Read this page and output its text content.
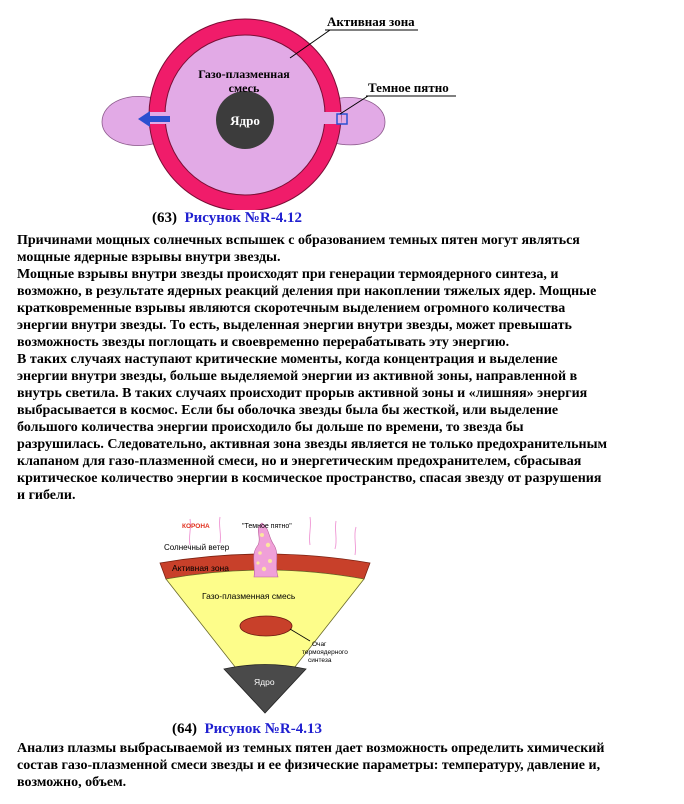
Ядро
Газо-плазменная
смесь
Активная зона
Темное пятно
(63) Рисунок №R-4.12

Причинами мощных солнечных вспышек с образованием темных пятен могут являться

мощные ядерные взрывы внутри звезды.

Мощные взрывы внутри звезды происходят при генерации термоядерного синтеза, и

возможно, в результате ядерных реакций деления при накоплении тяжелых ядер. Мощные

кратковременные взрывы являются скоротечным выделением огромного количества

энергии внутри звезды. То есть, выделенная энергии внутри звезды, может превышать

возможность звезды поглощать и своевременно перерабатывать эту энергию.

В таких случаях наступают критические моменты, когда концентрация и выделение

энергии внутри звезды, больше выделяемой энергии из активной зоны, направленной в

внутрь светила. В таких случаях происходит прорыв активной зоны и «лишняя» энергия

выбрасывается в космос. Если бы оболочка звезды была бы жесткой, или выделение

большого количества энергии происходило бы дольше по времени, то звезда бы

разрушилась. Следовательно, активная зона звезды является не только предохранительным

клапаном для газо-плазменной смеси, но и энергетическим предохранителем, сбрасывая

критическое количество энергии в космическое пространство, спасая звезду от разрушения

и гибели.

КОРОНА	"Темное пятно"
Солнечный ветер
Активная зона
Газо-плазменная смесь
Очаг
термоядерного
синтеза
Ядро
(64) Рисунок №R-4.13

Анализ плазмы выбрасываемой из темных пятен дает возможность определить химический

состав газо-плазменной смеси звезды и ее физические параметры: температуру, давление и,

возможно, объем.
